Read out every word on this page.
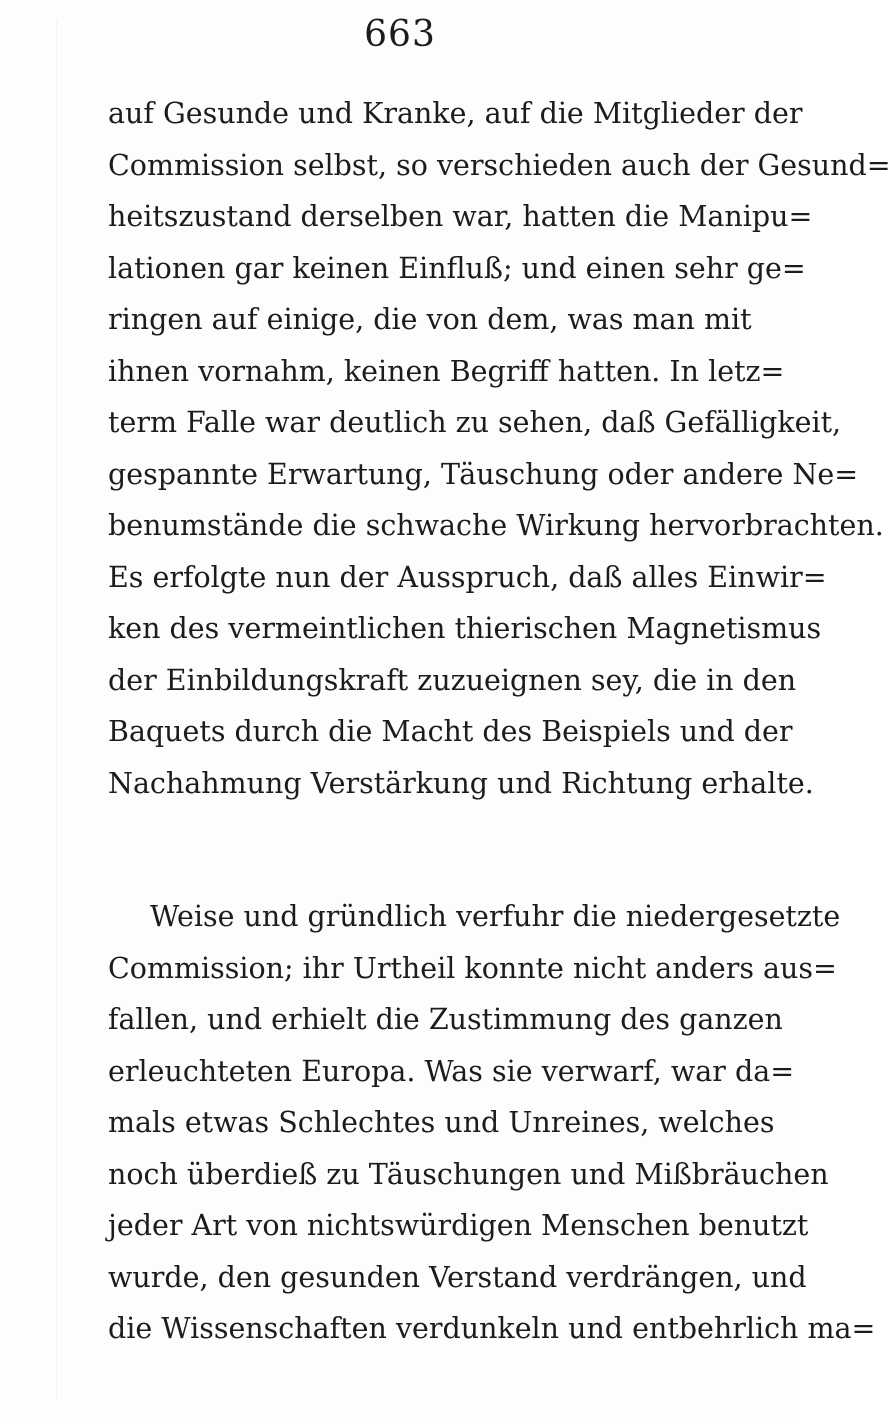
663
auf Gesunde und Kranke, auf die Mitglieder der
Commission selbst, so verschieden auch der Gesund=
heitszustand derselben war, hatten die Manipu=
lationen gar keinen Einfluß; und einen sehr ge=
ringen auf einige, die von dem, was man mit
ihnen vornahm, keinen Begriff hatten. In letz=
term Falle war deutlich zu sehen, daß Gefälligkeit,
gespannte Erwartung, Täuschung oder andere Ne=
benumstände die schwache Wirkung hervorbrachten.
Es erfolgte nun der Ausspruch, daß alles Einwir=
ken des vermeintlichen thierischen Magnetismus
der Einbildungskraft zuzueignen sey, die in den
Baquets durch die Macht des Beispiels und der
Nachahmung Verstärkung und Richtung erhalte.
Weise und gründlich verfuhr die niedergesetzte
Commission; ihr Urtheil konnte nicht anders aus=
fallen, und erhielt die Zustimmung des ganzen
erleuchteten Europa. Was sie verwarf, war da=
mals etwas Schlechtes und Unreines, welches
noch überdieß zu Täuschungen und Mißbräuchen
jeder Art von nichtswürdigen Menschen benutzt
wurde, den gesunden Verstand verdrängen, und
die Wissenschaften verdunkeln und entbehrlich ma=
